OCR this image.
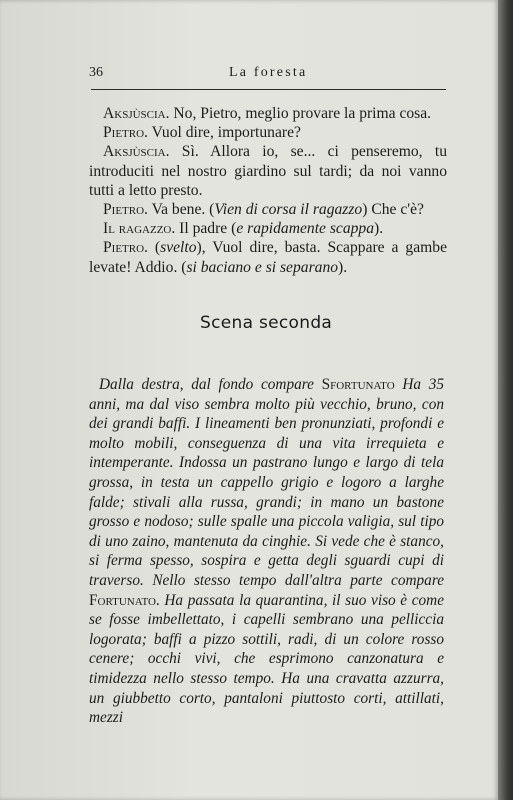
36	La foresta

Aksjùscia. No, Pietro, meglio provare la prima cosa.

Pietro. Vuol dire, importunare?

Aksjùscia. Sì. Allora io, se... ci penseremo, tu introduciti nel nostro giardino sul tardi; da noi vanno tutti a letto presto.

Pietro. Va bene. (Vien di corsa il ragazzo) Che c'è?

Il ragazzo. Il padre (e rapidamente scappa).

Pietro. (svelto), Vuol dire, basta. Scappare a gambe levate! Addio. (si baciano e si separano).

Scena seconda

Dalla destra, dal fondo compare Sfortunato Ha 35 anni, ma dal viso sembra molto più vecchio, bruno, con dei grandi baffi. I lineamenti ben pronunziati, profondi e molto mobili, conseguenza di una vita irrequieta e intemperante. Indossa un pastrano lungo e largo di tela grossa, in testa un cappello grigio e logoro a larghe falde; stivali alla russa, grandi; in mano un bastone grosso e nodoso; sulle spalle una piccola valigia, sul tipo di uno zaino, mantenuta da cinghie. Si vede che è stanco, si ferma spesso, sospira e getta degli sguardi cupi di traverso. Nello stesso tempo dall'altra parte compare Fortunato. Ha passata la quarantina, il suo viso è come se fosse imbellettato, i capelli sembrano una pelliccia logorata; baffi a pizzo sottili, radi, di un colore rosso cenere; occhi vivi, che esprimono canzonatura e timidezza nello stesso tempo. Ha una cravatta azzurra, un giubbetto corto, pantaloni piuttosto corti, attillati, mezzi
